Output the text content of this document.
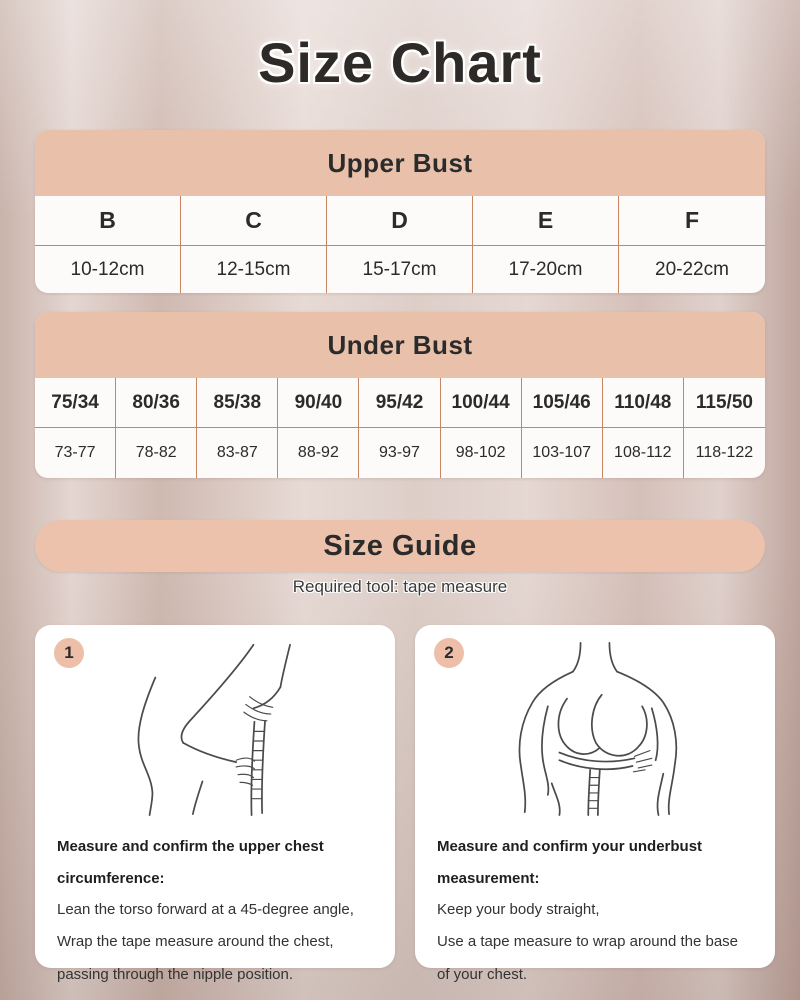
Size Chart
Upper Bust
B	C	D	E	F
10-12cm	12-15cm	15-17cm	17-20cm	20-22cm
Under Bust
75/34	80/36	85/38	90/40	95/42	100/44	105/46	110/48	115/50
73-77	78-82	83-87	88-92	93-97	98-102	103-107	108-112	118-122
Size Guide
Required tool: tape measure
1
Measure and confirm the upper chest circumference:

Lean the torso forward at a 45-degree angle,

Wrap the tape measure around the chest,

passing through the nipple position.

2
Measure and confirm your underbust measurement:

Keep your body straight,

Use a tape measure to wrap around the base of your chest.
